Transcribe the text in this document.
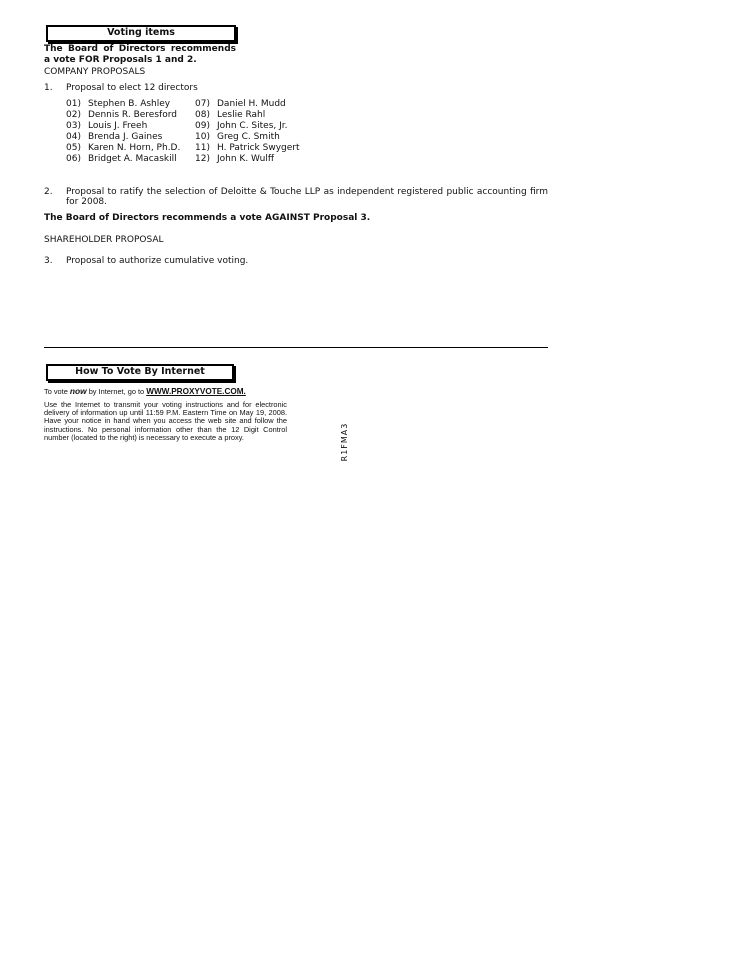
Voting items
The Board of Directors recommends a vote FOR Proposals 1 and 2.
COMPANY PROPOSALS
1. Proposal to elect 12 directors
01) Stephen B. Ashley
02) Dennis R. Beresford
03) Louis J. Freeh
04) Brenda J. Gaines
05) Karen N. Horn, Ph.D.
06) Bridget A. Macaskill
07) Daniel H. Mudd
08) Leslie Rahl
09) John C. Sites, Jr.
10) Greg C. Smith
11) H. Patrick Swygert
12) John K. Wulff
2. Proposal to ratify the selection of Deloitte & Touche LLP as independent registered public accounting firm for 2008.
The Board of Directors recommends a vote AGAINST Proposal 3.
SHAREHOLDER PROPOSAL
3. Proposal to authorize cumulative voting.
How To Vote By Internet
To vote now by Internet, go to WWW.PROXYVOTE.COM.
Use the Internet to transmit your voting instructions and for electronic delivery of information up until 11:59 P.M. Eastern Time on May 19, 2008. Have your notice in hand when you access the web site and follow the instructions. No personal information other than the 12 Digit Control number (located to the right) is necessary to execute a proxy.	R1FMA3
